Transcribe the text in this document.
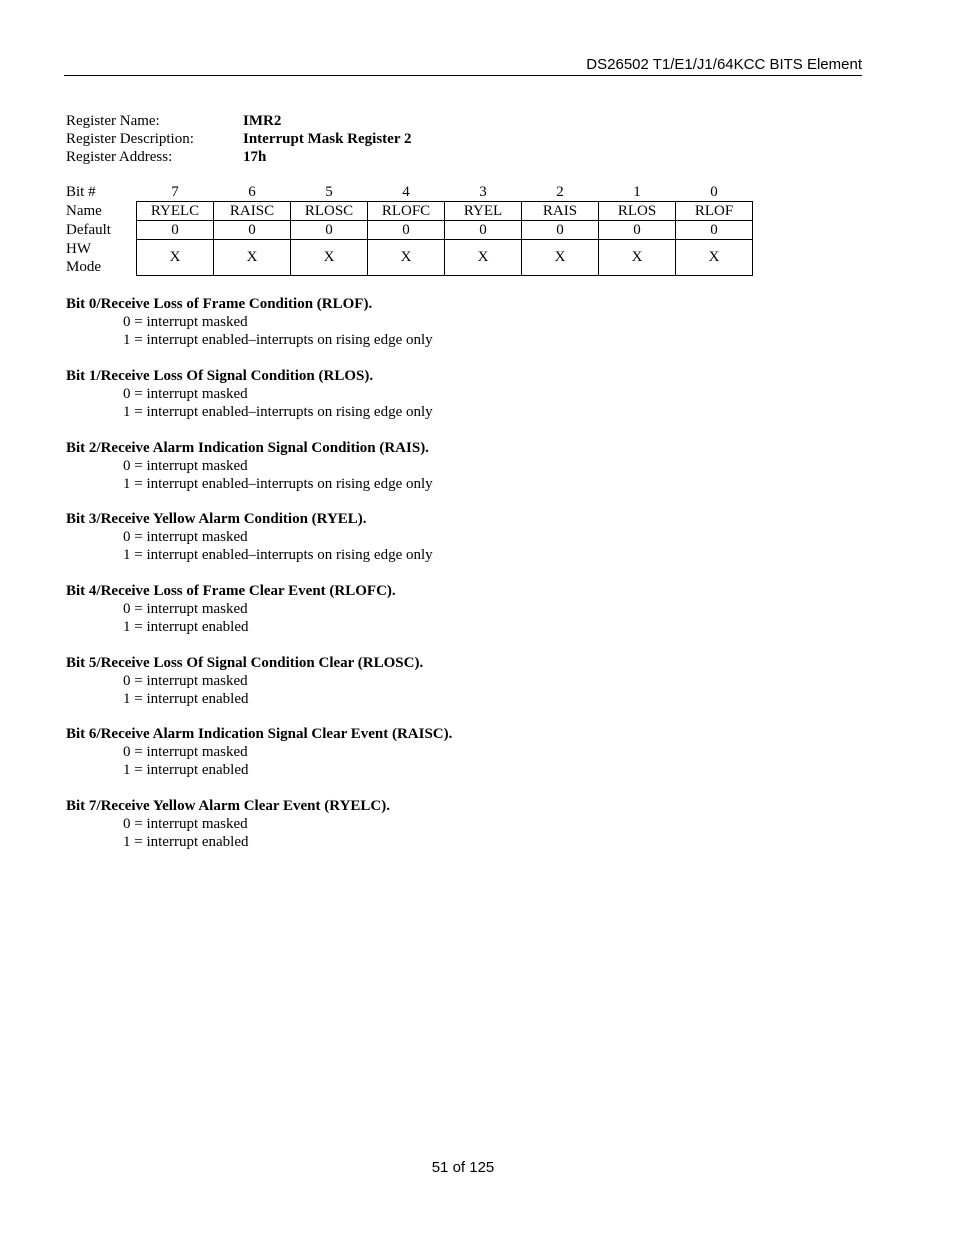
DS26502 T1/E1/J1/64KCC BITS Element
Register Name:	IMR2
Register Description:	Interrupt Mask Register 2
Register Address:	17h
Bit #	7	6	5	4	3	2	1	0
Name	RYELC	RAISC	RLOSC	RLOFC	RYEL	RAIS	RLOS	RLOF
Default	0	0	0	0	0	0	0	0
HW
Mode	X	X	X	X	X	X	X	X
Bit 0/Receive Loss of Frame Condition (RLOF).
0 = interrupt masked
1 = interrupt enabled–interrupts on rising edge only
Bit 1/Receive Loss Of Signal Condition (RLOS).
0 = interrupt masked
1 = interrupt enabled–interrupts on rising edge only
Bit 2/Receive Alarm Indication Signal Condition (RAIS).
0 = interrupt masked
1 = interrupt enabled–interrupts on rising edge only
Bit 3/Receive Yellow Alarm Condition (RYEL).
0 = interrupt masked
1 = interrupt enabled–interrupts on rising edge only
Bit 4/Receive Loss of Frame Clear Event (RLOFC).
0 = interrupt masked
1 = interrupt enabled
Bit 5/Receive Loss Of Signal Condition Clear (RLOSC).
0 = interrupt masked
1 = interrupt enabled
Bit 6/Receive Alarm Indication Signal Clear Event (RAISC).
0 = interrupt masked
1 = interrupt enabled
Bit 7/Receive Yellow Alarm Clear Event (RYELC).
0 = interrupt masked
1 = interrupt enabled
51 of 125
